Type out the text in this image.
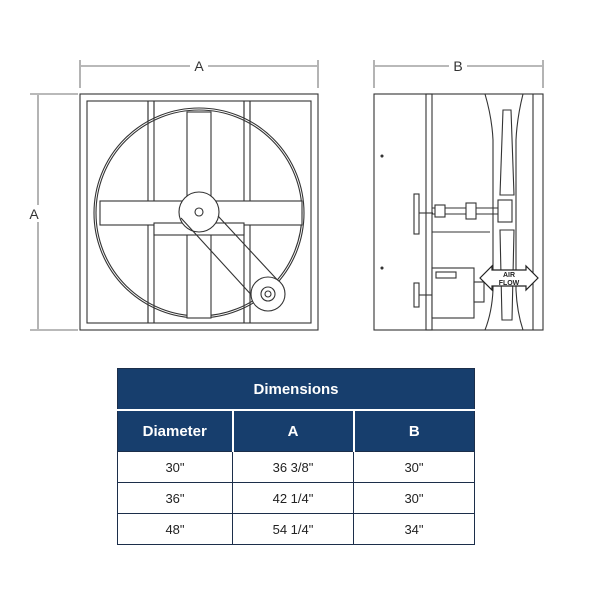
A
A
B
AIR
FLOW
Dimensions		
Diameter	A	B
30"	36 3/8"	30"
36"	42 1/4"	30"
48"	54 1/4"	34"
